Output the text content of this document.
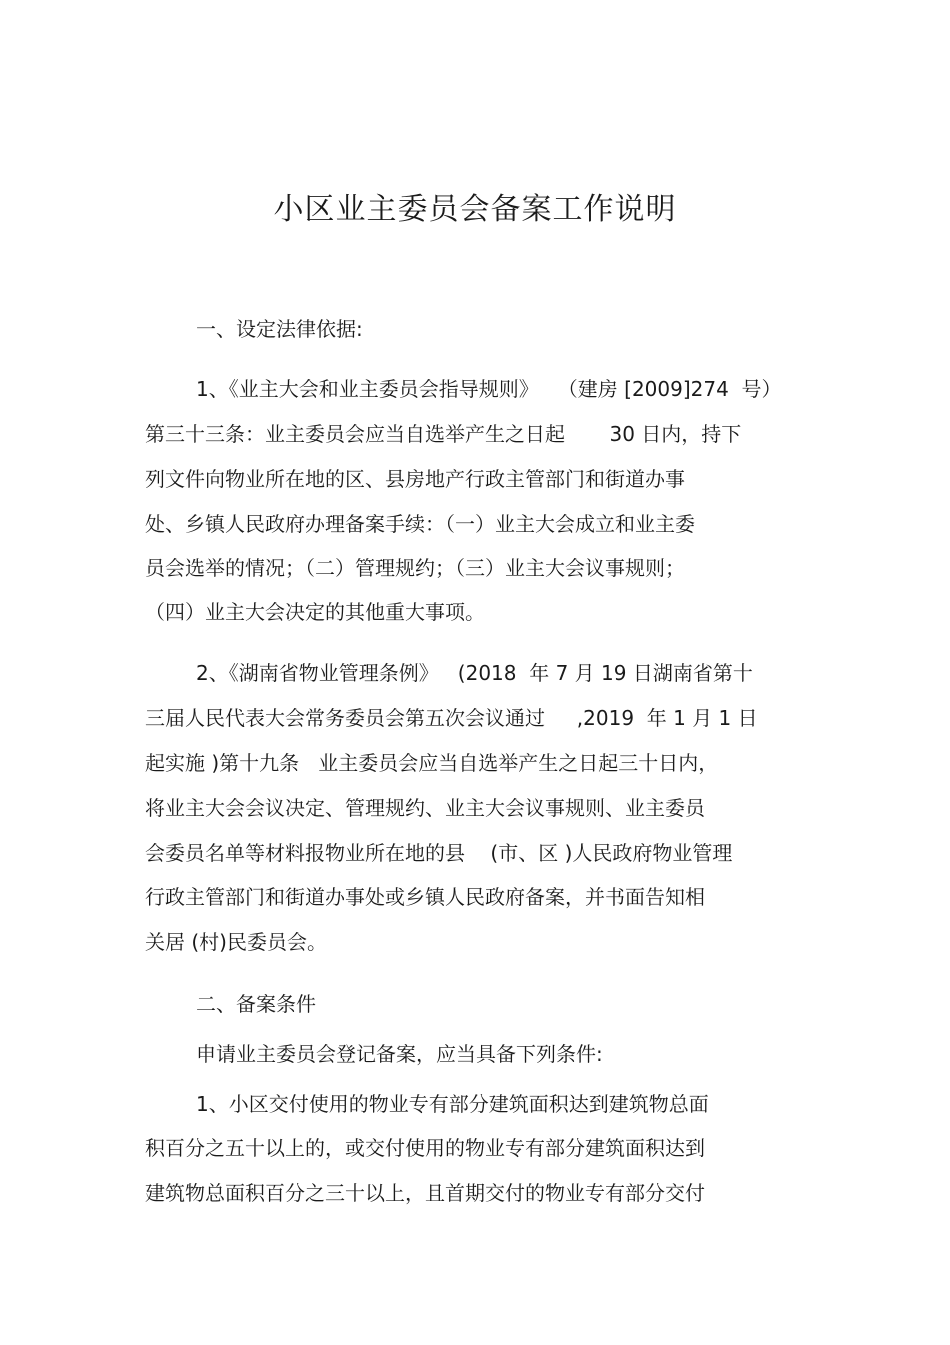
小区业主委员会备案工作说明
一、设定法律依据:
1、《业主大会和业主委员会指导规则》   （建房 [2009]274  号）
第三十三条：业主委员会应当自选举产生之日起       30 日内，持下
列文件向物业所在地的区、县房地产行政主管部门和街道办事
处、乡镇人民政府办理备案手续：（一）业主大会成立和业主委
员会选举的情况；（二）管理规约；（三）业主大会议事规则；
（四）业主大会决定的其他重大事项。
2、《湖南省物业管理条例》   (2018  年 7 月 19 日湖南省第十
三届人民代表大会常务委员会第五次会议通过     ,2019  年 1 月 1 日
起实施 )第十九条   业主委员会应当自选举产生之日起三十日内，
将业主大会会议决定、管理规约、业主大会议事规则、业主委员
会委员名单等材料报物业所在地的县    (市、区 )人民政府物业管理
行政主管部门和街道办事处或乡镇人民政府备案，并书面告知相
关居 (村)民委员会。
二、备案条件
申请业主委员会登记备案，应当具备下列条件:
1、小区交付使用的物业专有部分建筑面积达到建筑物总面
积百分之五十以上的，或交付使用的物业专有部分建筑面积达到
建筑物总面积百分之三十以上，且首期交付的物业专有部分交付
